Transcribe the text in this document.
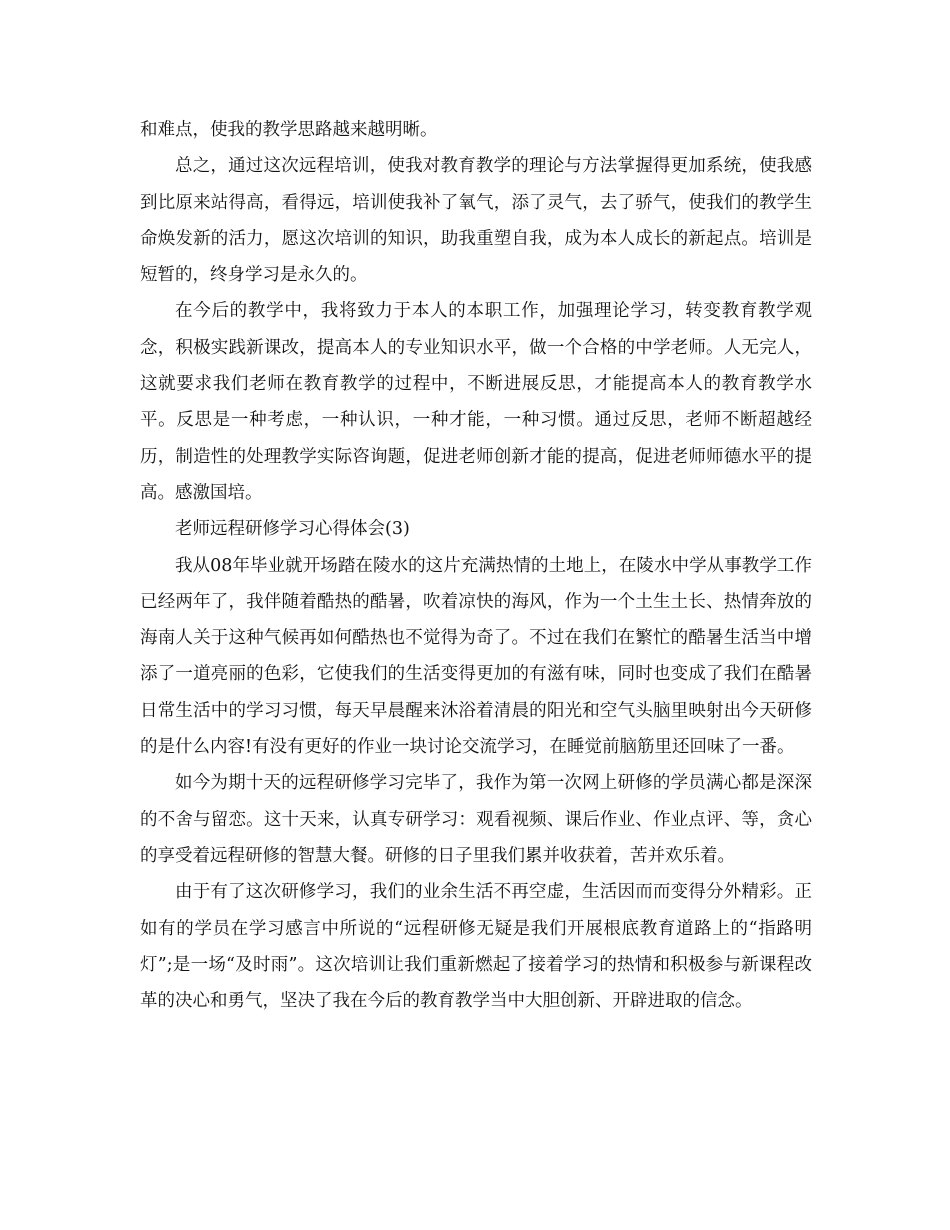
和难点，使我的教学思路越来越明晰。

总之，通过这次远程培训，使我对教育教学的理论与方法掌握得更加系统，使我感到比原来站得高，看得远，培训使我补了氧气，添了灵气，去了骄气，使我们的教学生命焕发新的活力，愿这次培训的知识，助我重塑自我，成为本人成长的新起点。培训是短暂的，终身学习是永久的。

在今后的教学中，我将致力于本人的本职工作，加强理论学习，转变教育教学观念，积极实践新课改，提高本人的专业知识水平，做一个合格的中学老师。人无完人，这就要求我们老师在教育教学的过程中，不断进展反思，才能提高本人的教育教学水平。反思是一种考虑，一种认识，一种才能，一种习惯。通过反思，老师不断超越经历，制造性的处理教学实际咨询题，促进老师创新才能的提高，促进老师师德水平的提高。感激国培。

老师远程研修学习心得体会(3)

我从08年毕业就开场踏在陵水的这片充满热情的土地上，在陵水中学从事教学工作已经两年了，我伴随着酷热的酷暑，吹着凉快的海风，作为一个土生土长、热情奔放的海南人关于这种气候再如何酷热也不觉得为奇了。不过在我们在繁忙的酷暑生活当中增添了一道亮丽的色彩，它使我们的生活变得更加的有滋有味，同时也变成了我们在酷暑日常生活中的学习习惯，每天早晨醒来沐浴着清晨的阳光和空气头脑里映射出今天研修的是什么内容!有没有更好的作业一块讨论交流学习，在睡觉前脑筋里还回味了一番。

如今为期十天的远程研修学习完毕了，我作为第一次网上研修的学员满心都是深深的不舍与留恋。这十天来，认真专研学习：观看视频、课后作业、作业点评、等，贪心的享受着远程研修的智慧大餐。研修的日子里我们累并收获着，苦并欢乐着。

由于有了这次研修学习，我们的业余生活不再空虚，生活因而而变得分外精彩。正如有的学员在学习感言中所说的“远程研修无疑是我们开展根底教育道路上的“指路明灯”;是一场“及时雨”。这次培训让我们重新燃起了接着学习的热情和积极参与新课程改革的决心和勇气，坚决了我在今后的教育教学当中大胆创新、开辟进取的信念。
